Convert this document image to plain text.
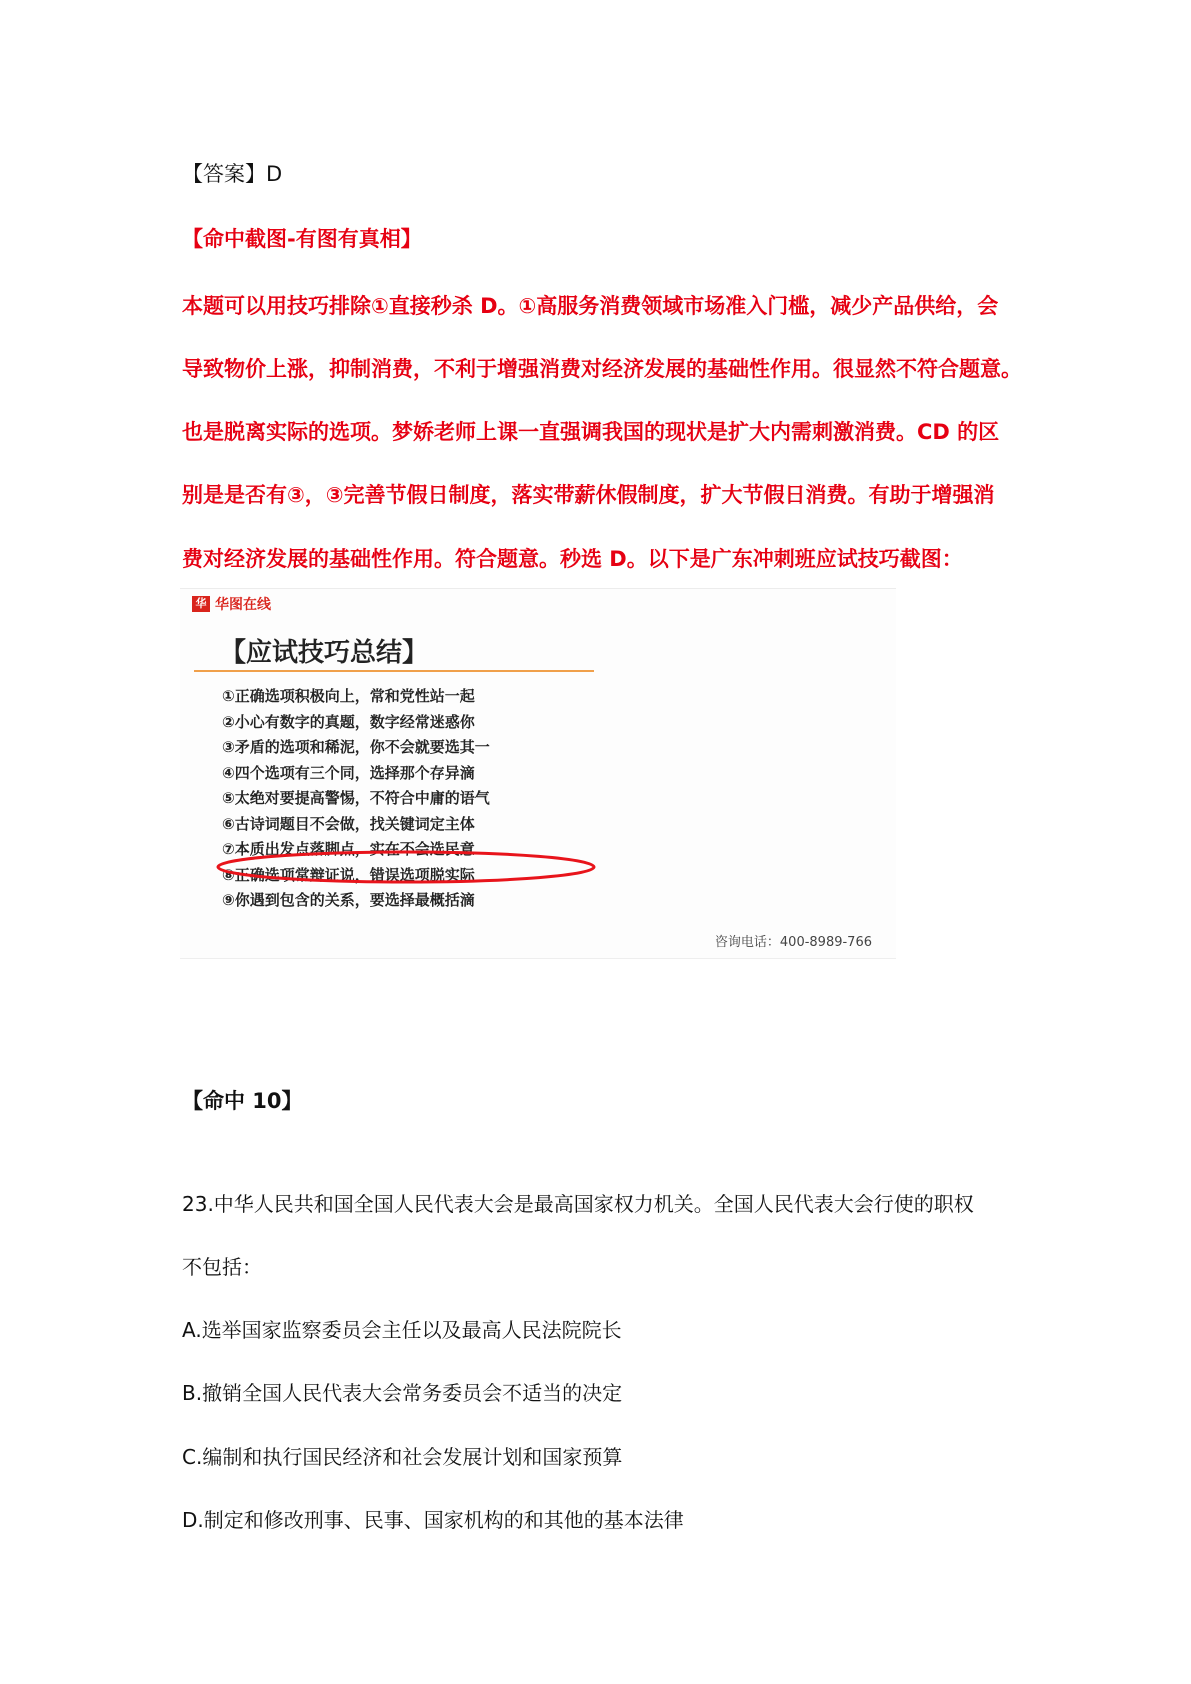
【答案】D
【命中截图-有图有真相】

本题可以用技巧排除①直接秒杀 D。①高服务消费领域市场准入门槛，减少产品供给，会

导致物价上涨，抑制消费，不利于增强消费对经济发展的基础性作用。很显然不符合题意。

也是脱离实际的选项。梦娇老师上课一直强调我国的现状是扩大内需刺激消费。CD 的区

别是是否有③，③完善节假日制度，落实带薪休假制度，扩大节假日消费。有助于增强消

费对经济发展的基础性作用。符合题意。秒选 D。以下是广东冲刺班应试技巧截图：

华 华图在线
【应试技巧总结】
①正确选项积极向上，常和党性站一起
②小心有数字的真题，数字经常迷惑你
③矛盾的选项和稀泥，你不会就要选其一
④四个选项有三个同，选择那个存异滴
⑤太绝对要提高警惕，不符合中庸的语气
⑥古诗词题目不会做，找关键词定主体
⑦本质出发点落脚点，实在不会选民意
⑧正确选项常辩证说，错误选项脱实际
⑨你遇到包含的关系，要选择最概括滴
咨询电话：400-8989-766
【命中 10】

23.中华人民共和国全国人民代表大会是最高国家权力机关。全国人民代表大会行使的职权

不包括：

A.选举国家监察委员会主任以及最高人民法院院长

B.撤销全国人民代表大会常务委员会不适当的决定

C.编制和执行国民经济和社会发展计划和国家预算

D.制定和修改刑事、民事、国家机构的和其他的基本法律
